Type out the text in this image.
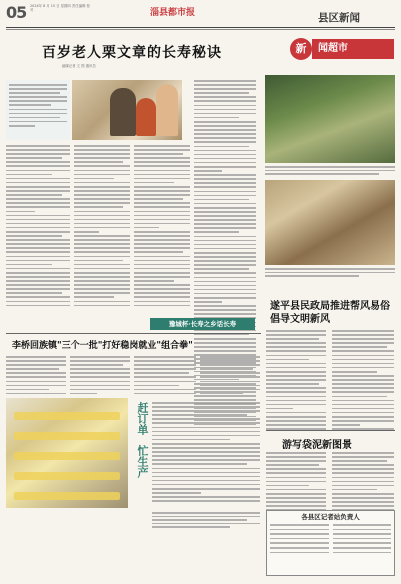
05 2024年 8 月 15 日 星期四 责任编辑 校对	淄县都市报	县区新闻
百岁老人栗文章的长寿秘诀
融媒记者 文 图 通讯员
豫城杯·长寿之乡话长寿
新	闻超市
遂平县民政局推进帮风易俗倡导文明新风
游写袋泥新图景
李桥回族镇"三个一批"打好稳岗就业"组合拳"
赶订单
忙生产
各县区记者站负责人
